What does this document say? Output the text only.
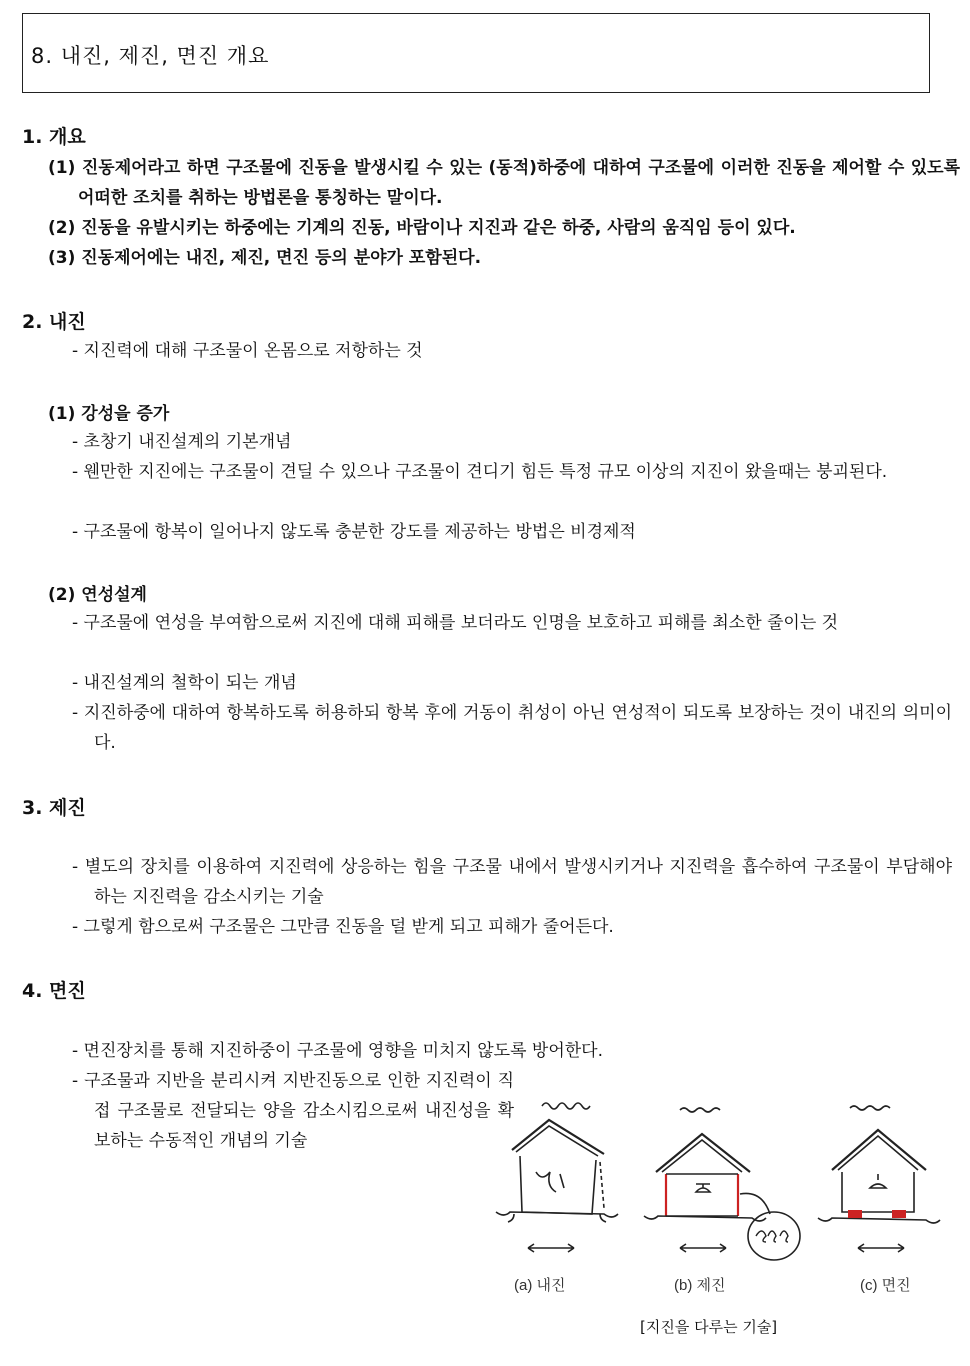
8. 내진, 제진, 면진 개요
1. 개요
(1) 진동제어라고 하면 구조물에 진동을 발생시킬 수 있는 (동적)하중에 대하여 구조물에 이러한 진동을 제어할 수 있도록 어떠한 조치를 취하는 방법론을 통칭하는 말이다.
(2) 진동을 유발시키는 하중에는 기계의 진동, 바람이나 지진과 같은 하중, 사람의 움직임 등이 있다.
(3) 진동제어에는 내진, 제진, 면진 등의 분야가 포함된다.
2. 내진
- 지진력에 대해 구조물이 온몸으로 저항하는 것
(1) 강성을 증가
- 초창기 내진설계의 기본개념
- 웬만한 지진에는 구조물이 견딜 수 있으나 구조물이 견디기 힘든 특정 규모 이상의 지진이 왔을때는 붕괴된다.
- 구조물에 항복이 일어나지 않도록 충분한 강도를 제공하는 방법은 비경제적
(2) 연성설계
- 구조물에 연성을 부여함으로써 지진에 대해 피해를 보더라도 인명을 보호하고 피해를 최소한 줄이는 것
- 내진설계의 철학이 되는 개념
- 지진하중에 대하여 항복하도록 허용하되 항복 후에 거동이 취성이 아닌 연성적이 되도록 보장하는 것이 내진의 의미이다.
3. 제진
- 별도의 장치를 이용하여 지진력에 상응하는 힘을 구조물 내에서 발생시키거나 지진력을 흡수하여 구조물이 부담해야 하는 지진력을 감소시키는 기술
- 그렇게 함으로써 구조물은 그만큼 진동을 덜 받게 되고 피해가 줄어든다.
4. 면진
- 면진장치를 통해 지진하중이 구조물에 영향을 미치지 않도록 방어한다.
- 구조물과 지반을 분리시켜 지반진동으로 인한 지진력이 직접 구조물로 전달되는 양을 감소시킴으로써 내진성을 확보하는 수동적인 개념의 기술
(a) 내진	(b) 제진	(c) 면진
[지진을 다루는 기술]
